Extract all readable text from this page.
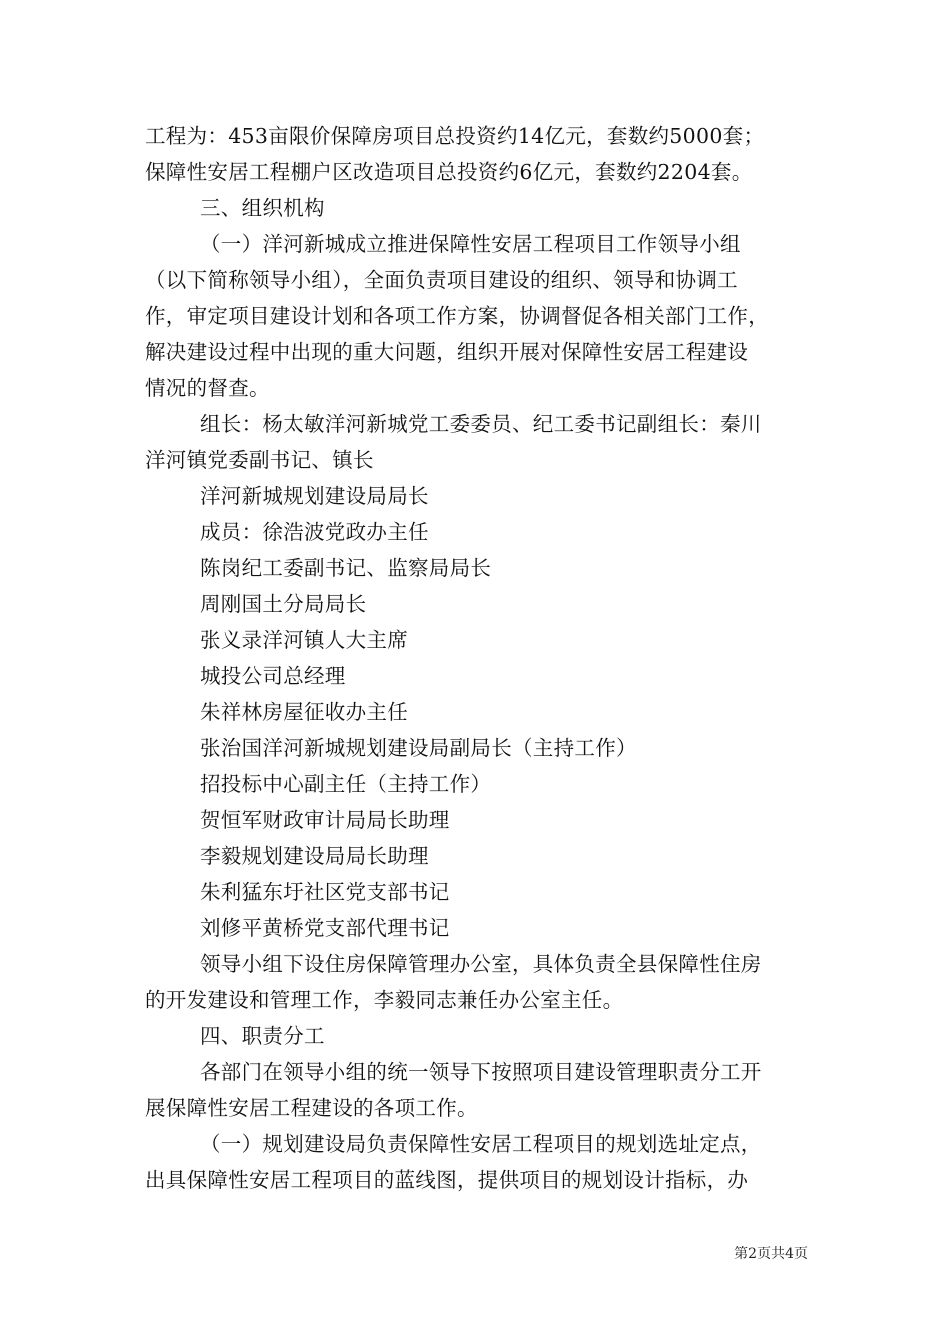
工程为：453亩限价保障房项目总投资约14亿元，套数约5000套；
保障性安居工程棚户区改造项目总投资约6亿元，套数约2204套。
三、组织机构
（一）洋河新城成立推进保障性安居工程项目工作领导小组
（以下简称领导小组），全面负责项目建设的组织、领导和协调工
作，审定项目建设计划和各项工作方案，协调督促各相关部门工作，
解决建设过程中出现的重大问题，组织开展对保障性安居工程建设
情况的督查。
组长：杨太敏洋河新城党工委委员、纪工委书记副组长：秦川
洋河镇党委副书记、镇长
洋河新城规划建设局局长
成员：徐浩波党政办主任
陈岗纪工委副书记、监察局局长
周刚国土分局局长
张义录洋河镇人大主席
城投公司总经理
朱祥林房屋征收办主任
张治国洋河新城规划建设局副局长（主持工作）
招投标中心副主任（主持工作）
贺恒军财政审计局局长助理
李毅规划建设局局长助理
朱利猛东圩社区党支部书记
刘修平黄桥党支部代理书记
领导小组下设住房保障管理办公室，具体负责全县保障性住房
的开发建设和管理工作，李毅同志兼任办公室主任。
四、职责分工
各部门在领导小组的统一领导下按照项目建设管理职责分工开
展保障性安居工程建设的各项工作。
（一）规划建设局负责保障性安居工程项目的规划选址定点，
出具保障性安居工程项目的蓝线图，提供项目的规划设计指标，办
第2页共4页
